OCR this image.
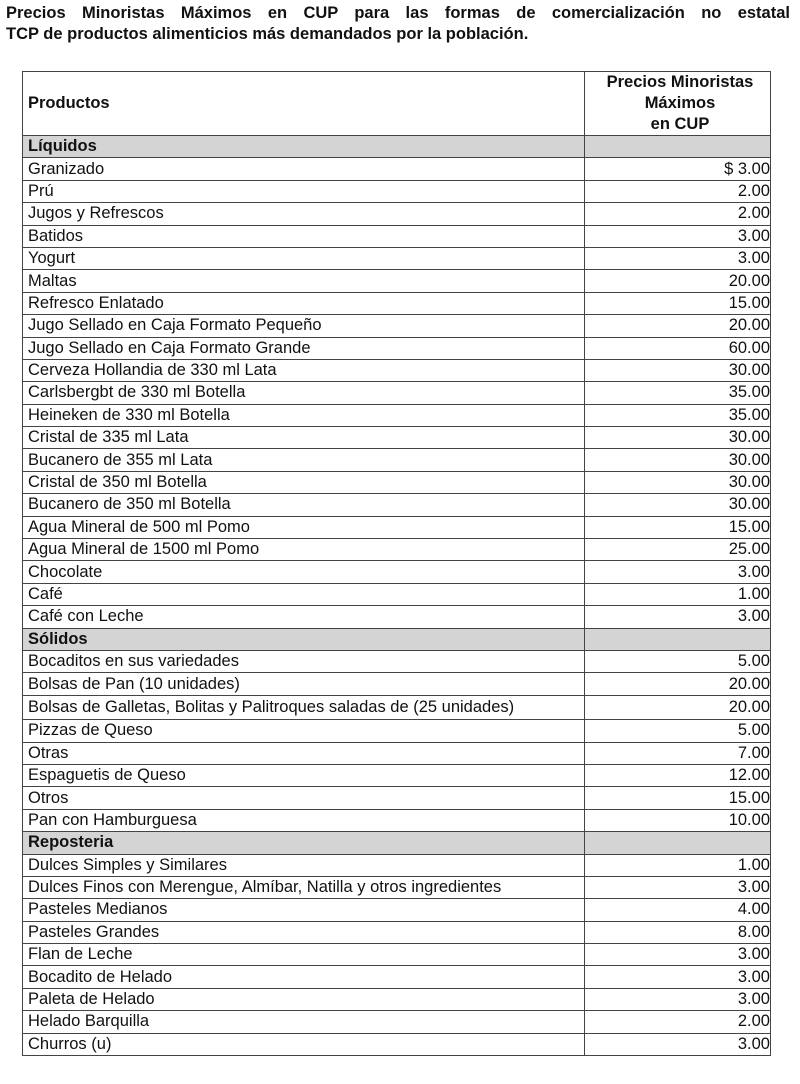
Precios Minoristas Máximos en CUP para las formas de comercialización no estatal
TCP de productos alimenticios más demandados por la población.
Productos	Precios Minoristas
Máximos
en CUP

Líquidos	
Granizado	$ 3.00
Prú	2.00
Jugos y Refrescos	2.00
Batidos	3.00
Yogurt	3.00
Maltas	20.00
Refresco Enlatado	15.00
Jugo Sellado en Caja Formato Pequeño	20.00
Jugo Sellado en Caja Formato Grande	60.00
Cerveza Hollandia de 330 ml Lata	30.00
Carlsbergbt de 330 ml Botella	35.00
Heineken de 330 ml Botella	35.00
Cristal de 335 ml Lata	30.00
Bucanero de 355 ml Lata	30.00
Cristal de 350 ml Botella	30.00
Bucanero de 350 ml Botella	30.00
Agua Mineral de 500 ml Pomo	15.00
Agua Mineral de 1500 ml Pomo	25.00
Chocolate	3.00
Café	1.00
Café con Leche	3.00
Sólidos	
Bocaditos en sus variedades	5.00
Bolsas de Pan (10 unidades)	20.00
Bolsas de Galletas, Bolitas y Palitroques saladas de (25 unidades)	20.00
Pizzas de Queso	5.00
Otras	7.00
Espaguetis de Queso	12.00
Otros	15.00
Pan con Hamburguesa	10.00
Reposteria	
Dulces Simples y Similares	1.00
Dulces Finos con Merengue, Almíbar, Natilla y otros ingredientes	3.00
Pasteles Medianos	4.00
Pasteles Grandes	8.00
Flan de Leche	3.00
Bocadito de Helado	3.00
Paleta de Helado	3.00
Helado Barquilla	2.00
Churros (u)	3.00
